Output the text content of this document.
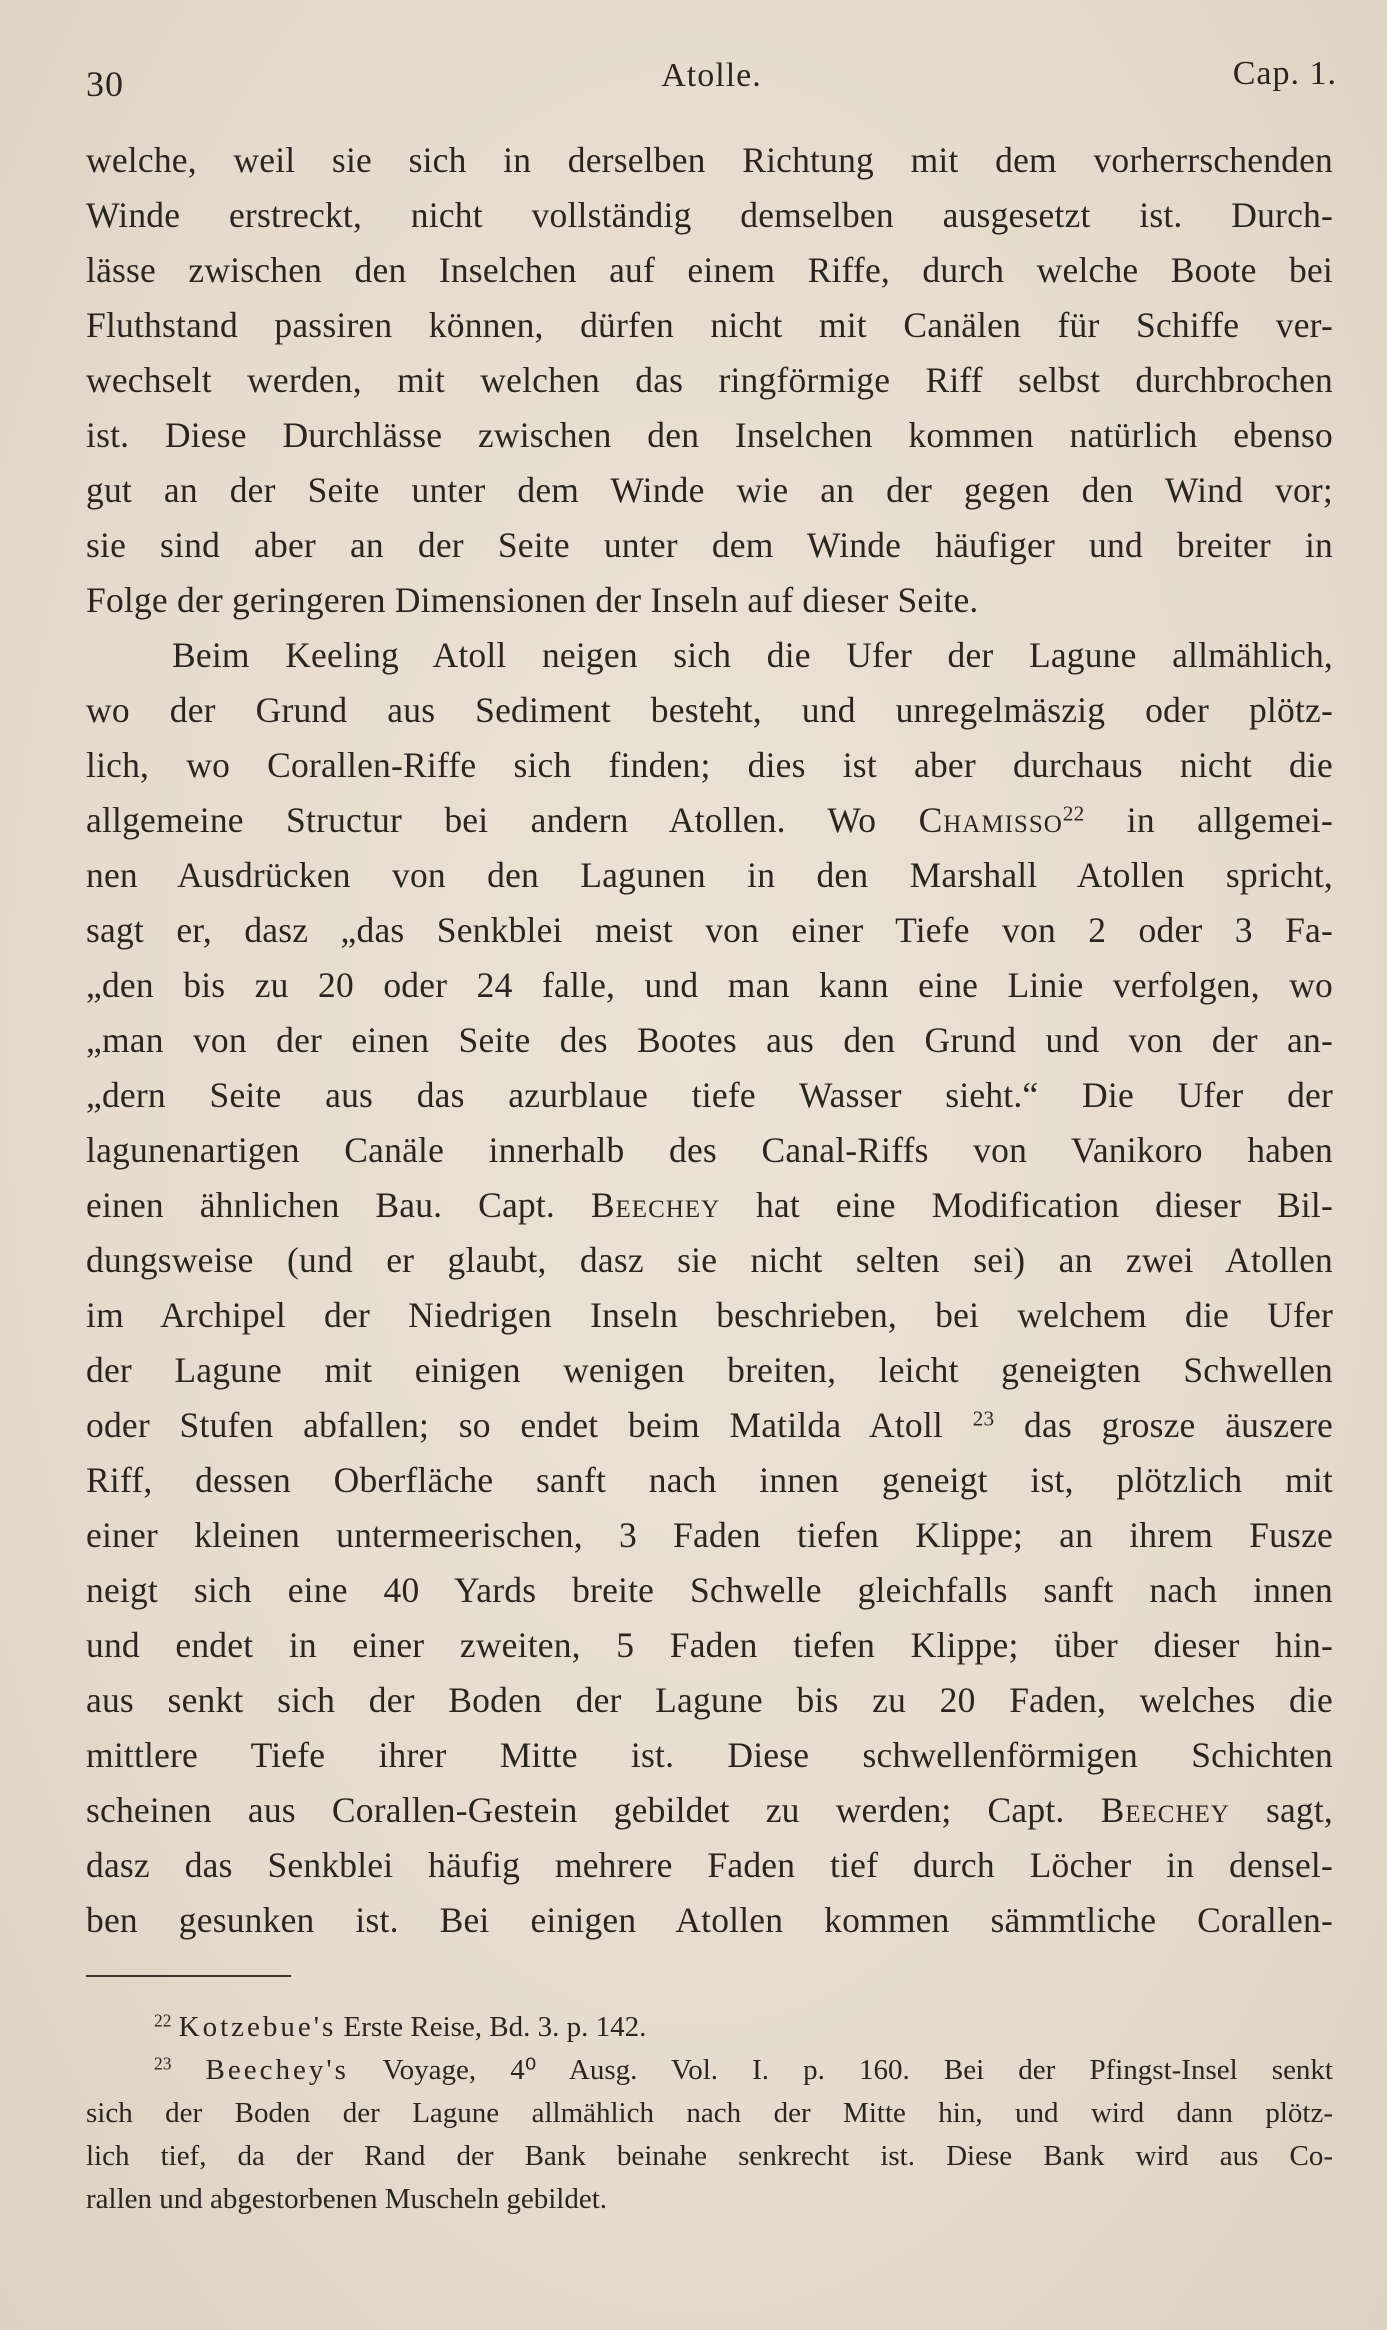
30	Atolle.	Cap. 1.
welche, weil sie sich in derselben Richtung mit dem vorherrschenden
Winde erstreckt, nicht vollständig demselben ausgesetzt ist. Durch-
lässe zwischen den Inselchen auf einem Riffe, durch welche Boote bei
Fluthstand passiren können, dürfen nicht mit Canälen für Schiffe ver-
wechselt werden, mit welchen das ringförmige Riff selbst durchbrochen
ist. Diese Durchlässe zwischen den Inselchen kommen natürlich ebenso
gut an der Seite unter dem Winde wie an der gegen den Wind vor;
sie sind aber an der Seite unter dem Winde häufiger und breiter in
Folge der geringeren Dimensionen der Inseln auf dieser Seite.
Beim Keeling Atoll neigen sich die Ufer der Lagune allmählich,
wo der Grund aus Sediment besteht, und unregelmäszig oder plötz-
lich, wo Corallen-Riffe sich finden; dies ist aber durchaus nicht die
allgemeine Structur bei andern Atollen. Wo Chamisso$^{22}$ in allgemei-
nen Ausdrücken von den Lagunen in den Marshall Atollen spricht,
sagt er, dasz „das Senkblei meist von einer Tiefe von 2 oder 3 Fa-
„den bis zu 20 oder 24 falle, und man kann eine Linie verfolgen, wo
„man von der einen Seite des Bootes aus den Grund und von der an-
„dern Seite aus das azurblaue tiefe Wasser sieht.“ Die Ufer der
lagunenartigen Canäle innerhalb des Canal-Riffs von Vanikoro haben
einen ähnlichen Bau. Capt. Beechey hat eine Modification dieser Bil-
dungsweise (und er glaubt, dasz sie nicht selten sei) an zwei Atollen
im Archipel der Niedrigen Inseln beschrieben, bei welchem die Ufer
der Lagune mit einigen wenigen breiten, leicht geneigten Schwellen
oder Stufen abfallen; so endet beim Matilda Atoll $^{23}$ das grosze äuszere
Riff, dessen Oberfläche sanft nach innen geneigt ist, plötzlich mit
einer kleinen untermeerischen, 3 Faden tiefen Klippe; an ihrem Fusze
neigt sich eine 40 Yards breite Schwelle gleichfalls sanft nach innen
und endet in einer zweiten, 5 Faden tiefen Klippe; über dieser hin-
aus senkt sich der Boden der Lagune bis zu 20 Faden, welches die
mittlere Tiefe ihrer Mitte ist. Diese schwellenförmigen Schichten
scheinen aus Corallen-Gestein gebildet zu werden; Capt. Beechey sagt,
dasz das Senkblei häufig mehrere Faden tief durch Löcher in densel-
ben gesunken ist. Bei einigen Atollen kommen sämmtliche Corallen-

$^{22}$ Kotzebue's Erste Reise, Bd. 3. p. 142.

$^{23}$ Beechey's Voyage, 4⁰ Ausg. Vol. I. p. 160. Bei der Pfingst-Insel senkt

sich der Boden der Lagune allmählich nach der Mitte hin, und wird dann plötz-
lich tief, da der Rand der Bank beinahe senkrecht ist. Diese Bank wird aus Co-
rallen und abgestorbenen Muscheln gebildet.
